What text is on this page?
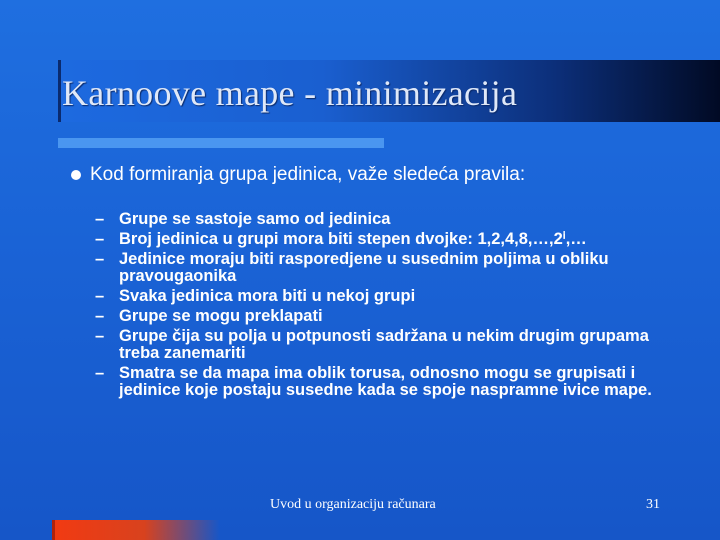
Karnoove mape - minimizacija

Kod formiranja grupa jedinica, važe sledeća pravila:

– Grupe se sastoje samo od jedinica
– Broj jedinica u grupi mora biti stepen dvojke: 1,2,4,8,…,2ⁱ,…
– Jedinice moraju biti rasporedjene u susednim poljima u obliku pravougaonika
– Svaka jedinica mora biti u nekoj grupi
– Grupe se mogu preklapati
– Grupe čija su polja u potpunosti sadržana u nekim drugim grupama treba zanemariti
– Smatra se da mapa ima oblik torusa, odnosno mogu se grupisati i jedinice koje postaju susedne kada se spoje naspramne ivice mape.

Uvod u organizaciju računara	31
